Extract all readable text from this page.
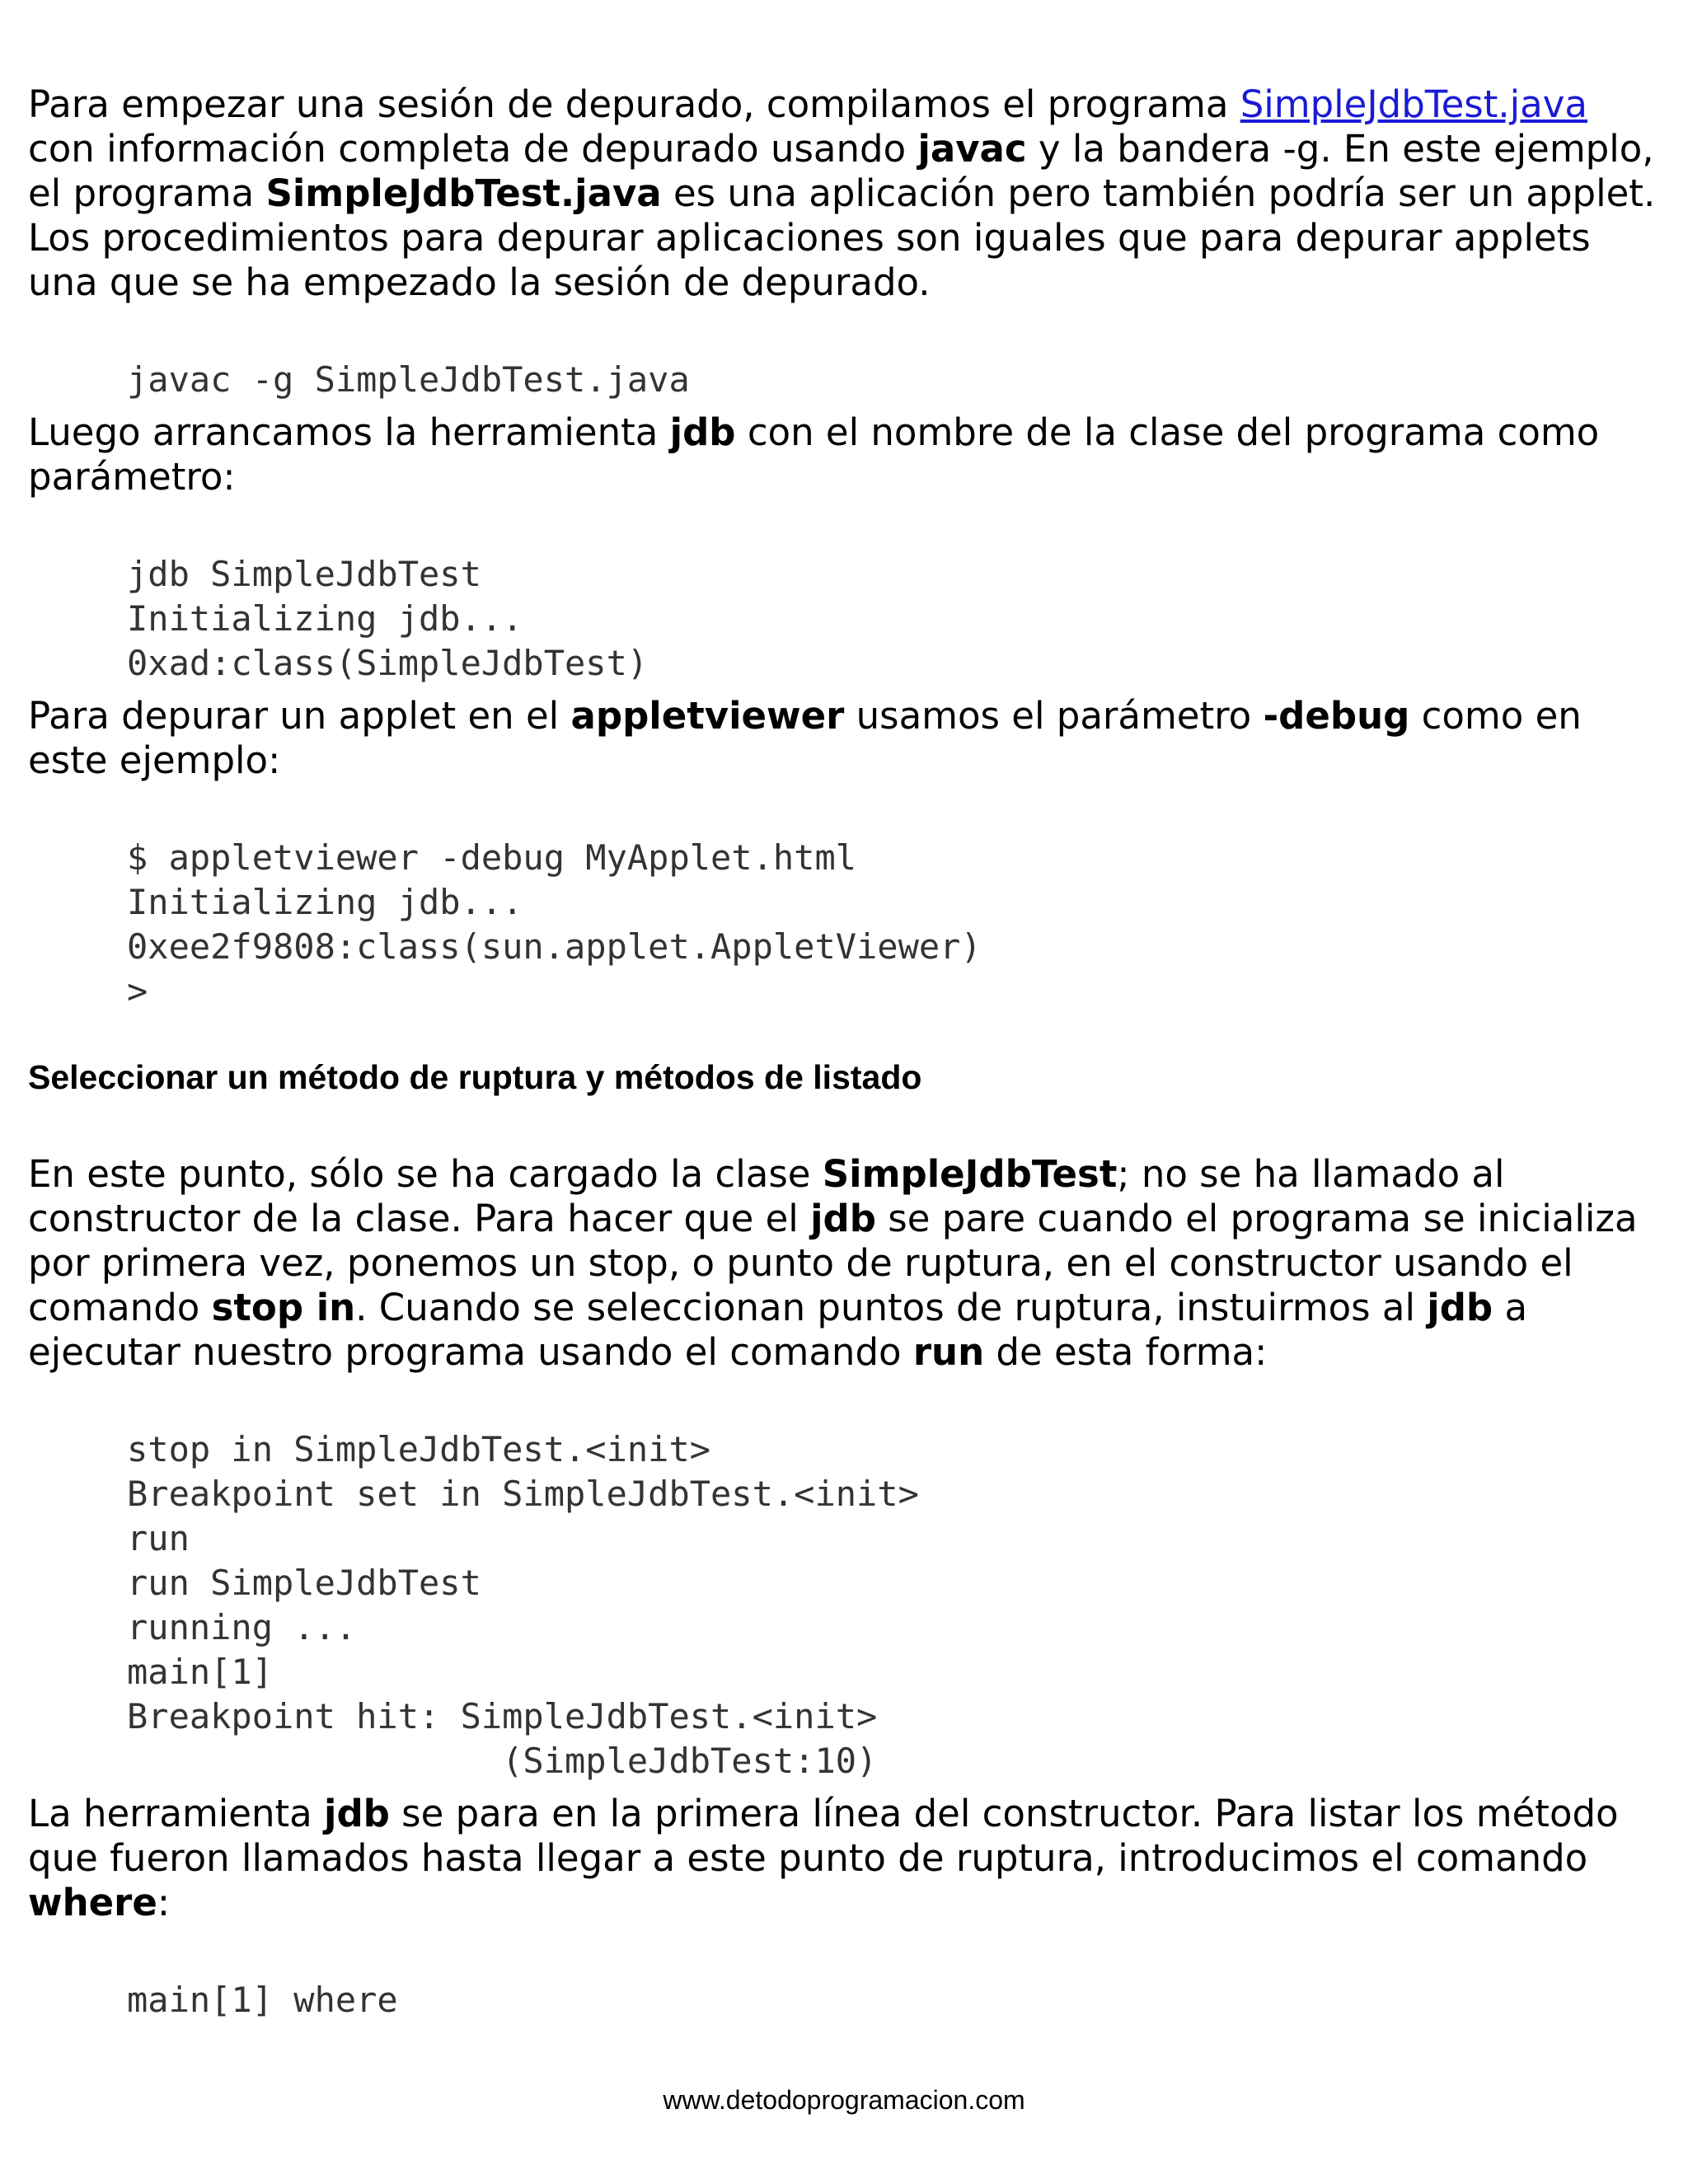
Para empezar una sesión de depurado, compilamos el programa SimpleJdbTest.java con información completa de depurado usando javac y la bandera -g. En este ejemplo, el programa SimpleJdbTest.java es una aplicación pero también podría ser un applet. Los procedimientos para depurar aplicaciones son iguales que para depurar applets una que se ha empezado la sesión de depurado.

javac -g SimpleJdbTest.java

Luego arrancamos la herramienta jdb con el nombre de la clase del programa como parámetro:

jdb SimpleJdbTest
Initializing jdb...
0xad:class(SimpleJdbTest)

Para depurar un applet en el appletviewer usamos el parámetro -debug como en este ejemplo:

$ appletviewer -debug MyApplet.html
Initializing jdb...
0xee2f9808:class(sun.applet.AppletViewer)
>
Seleccionar un método de ruptura y métodos de listado

En este punto, sólo se ha cargado la clase SimpleJdbTest; no se ha llamado al constructor de la clase. Para hacer que el jdb se pare cuando el programa se inicializa por primera vez, ponemos un stop, o punto de ruptura, en el constructor usando el comando stop in. Cuando se seleccionan puntos de ruptura, instuirmos al jdb a ejecutar nuestro programa usando el comando run de esta forma:

stop in SimpleJdbTest.<init>
Breakpoint set in SimpleJdbTest.<init>
run
run SimpleJdbTest
running ...
main[1]
Breakpoint hit: SimpleJdbTest.<init>
(SimpleJdbTest:10)

La herramienta jdb se para en la primera línea del constructor. Para listar los método que fueron llamados hasta llegar a este punto de ruptura, introducimos el comando where:

main[1] where
www.detodoprogramacion.com
